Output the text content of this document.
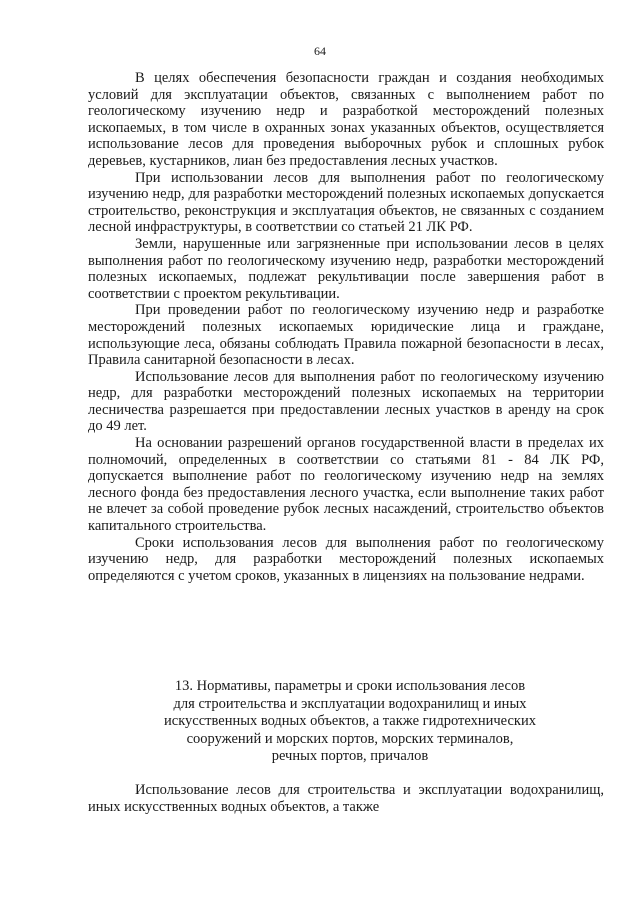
64

В целях обеспечения безопасности граждан и создания необходимых условий для эксплуатации объектов, связанных с выполнением работ по геологическому изучению недр и разработкой месторождений полезных ископаемых, в том числе в охранных зонах указанных объектов, осуществляется использование лесов для проведения выборочных рубок и сплошных рубок деревьев, кустарников, лиан без предоставления лесных участков.

При использовании лесов для выполнения работ по геологическому изучению недр, для разработки месторождений полезных ископаемых допускается строительство, реконструкция и эксплуатация объектов, не связанных с созданием лесной инфраструктуры, в соответствии со статьей 21 ЛК РФ.

Земли, нарушенные или загрязненные при использовании лесов в целях выполнения работ по геологическому изучению недр, разработки месторождений полезных ископаемых, подлежат рекультивации после завершения работ в соответствии с проектом рекультивации.

При проведении работ по геологическому изучению недр и разработке месторождений полезных ископаемых юридические лица и граждане, использующие леса, обязаны соблюдать Правила пожарной безопасности в лесах, Правила санитарной безопасности в лесах.

Использование лесов для выполнения работ по геологическому изучению недр, для разработки месторождений полезных ископаемых на территории лесничества разрешается при предоставлении лесных участков в аренду на срок до 49 лет.

На основании разрешений органов государственной власти в пределах их полномочий, определенных в соответствии со статьями 81 - 84 ЛК РФ, допускается выполнение работ по геологическому изучению недр на землях лесного фонда без предоставления лесного участка, если выполнение таких работ не влечет за собой проведение рубок лесных насаждений, строительство объектов капитального строительства.

Сроки использования лесов для выполнения работ по геологическому изучению недр, для разработки месторождений полезных ископаемых определяются с учетом сроков, указанных в лицензиях на пользование недрами.

13. Нормативы, параметры и сроки использования лесов
для строительства и эксплуатации водохранилищ и иных
искусственных водных объектов, а также гидротехнических
сооружений и морских портов, морских терминалов,
речных портов, причалов

Использование лесов для строительства и эксплуатации водохранилищ, иных искусственных водных объектов, а также
